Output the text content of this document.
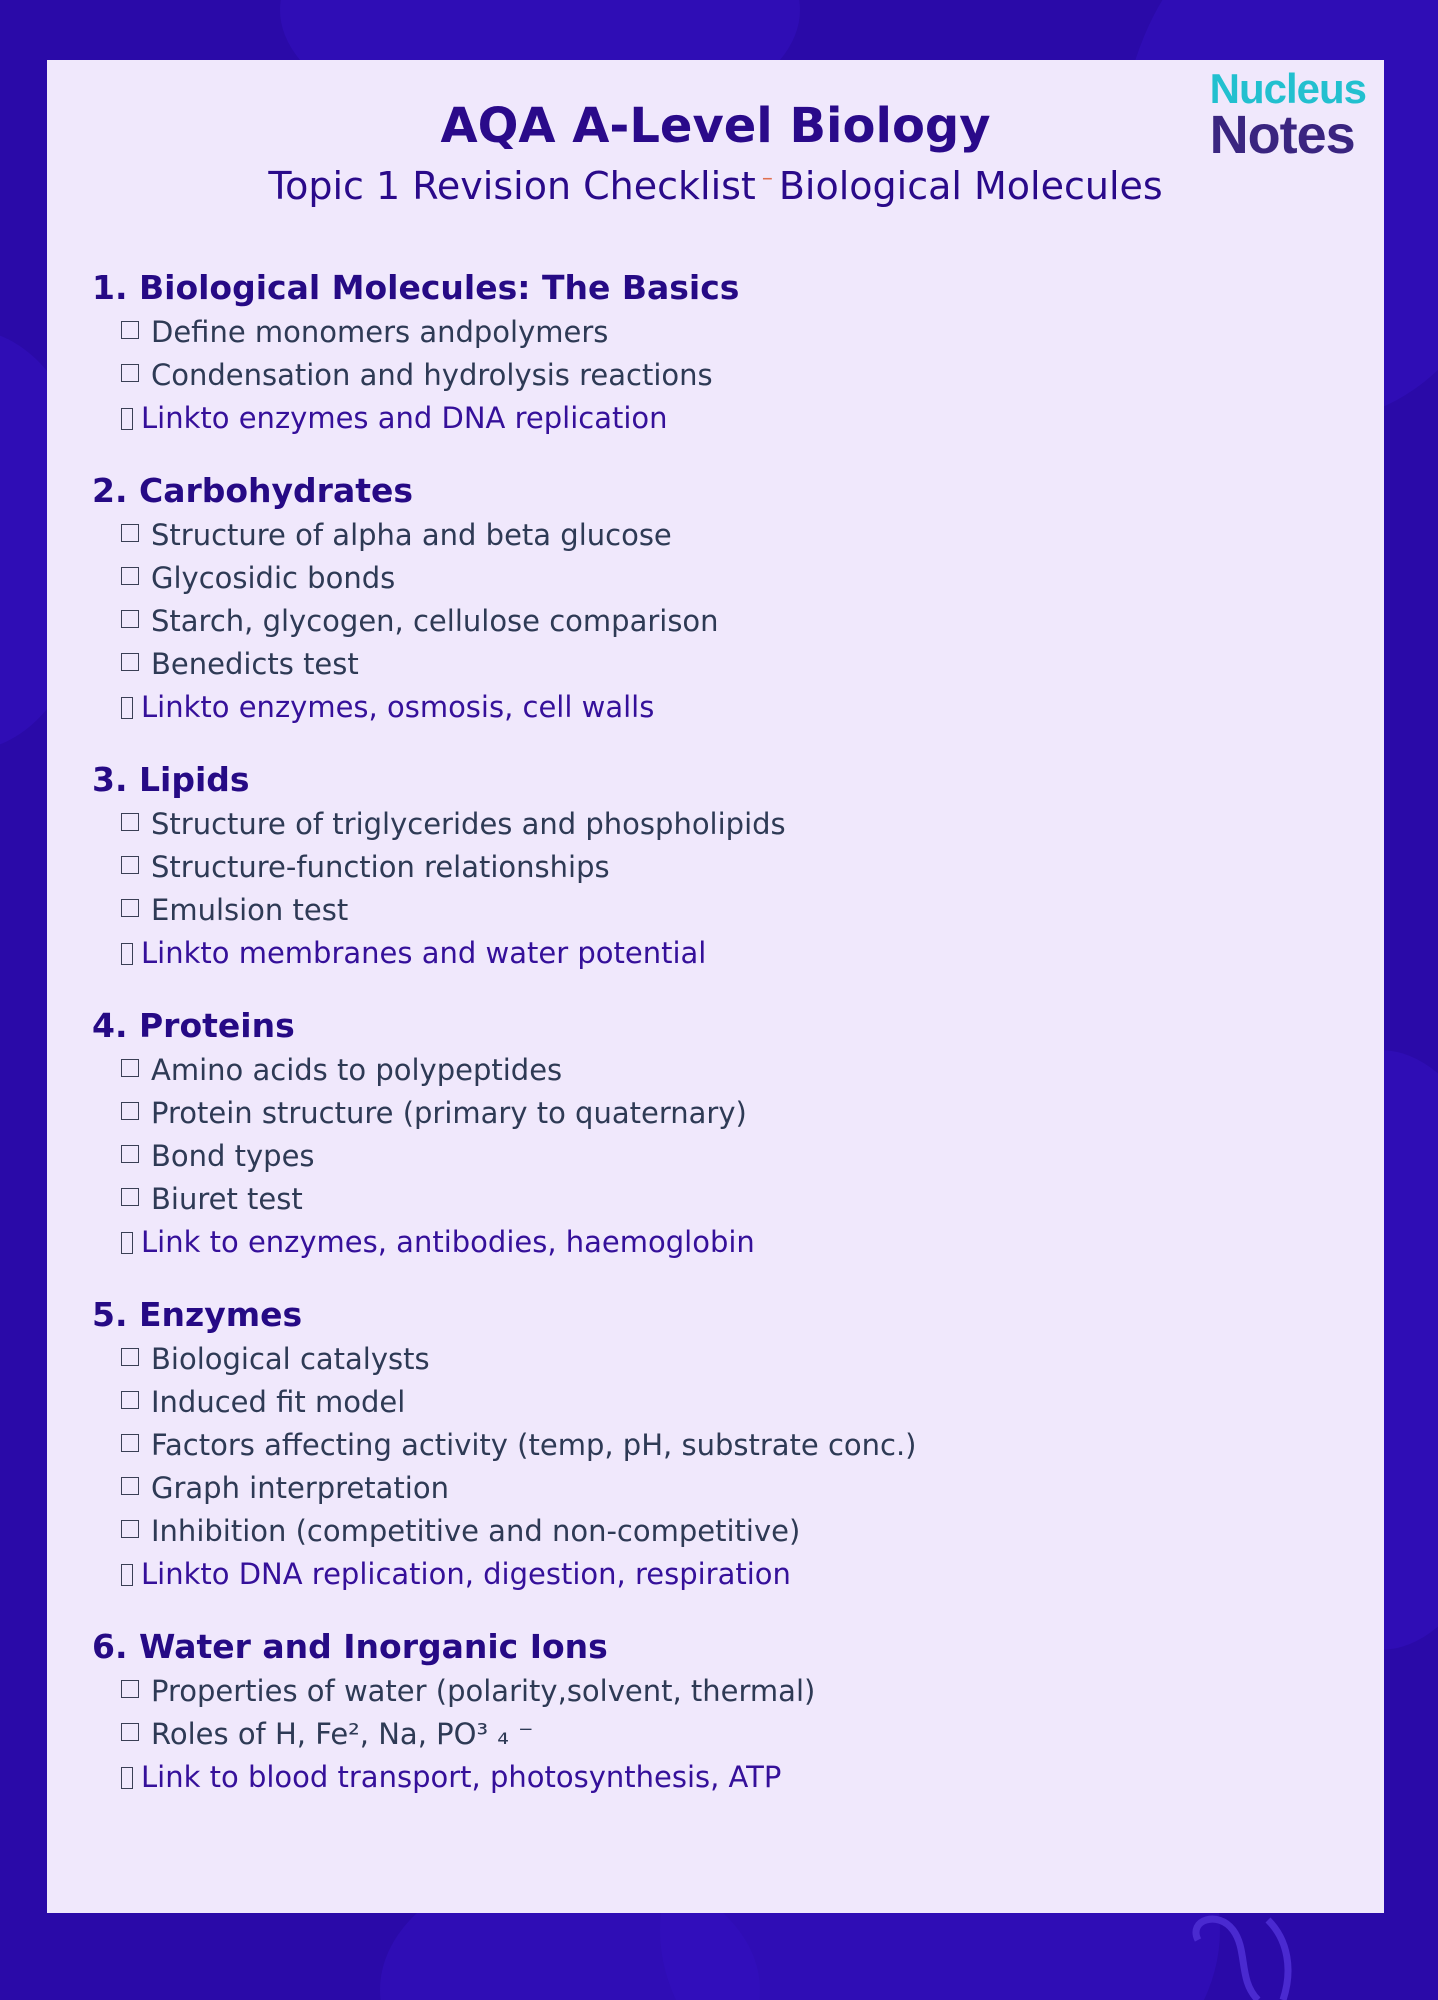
Nucleus
Notes
AQA A-Level Biology
Topic 1 Revision Checklist – Biological Molecules
1. Biological Molecules: The Basics
Define monomers andpolymers
Condensation and hydrolysis reactions
Linkto enzymes and DNA replication
2. Carbohydrates
Structure of alpha and beta glucose
Glycosidic bonds
Starch, glycogen, cellulose comparison
Benedicts test
Linkto enzymes, osmosis, cell walls
3. Lipids
Structure of triglycerides and phospholipids
Structure-function relationships
Emulsion test
Linkto membranes and water potential
4. Proteins
Amino acids to polypeptides
Protein structure (primary to quaternary)
Bond types
Biuret test
Link to enzymes, antibodies, haemoglobin
5. Enzymes
Biological catalysts
Induced fit model
Factors affecting activity (temp, pH, substrate conc.)
Graph interpretation
Inhibition (competitive and non-competitive)
Linkto DNA replication, digestion, respiration
6. Water and Inorganic Ions
Properties of water (polarity,solvent, thermal)
Roles of H, Fe², Na, PO³ ₄ ⁻
Link to blood transport, photosynthesis, ATP
